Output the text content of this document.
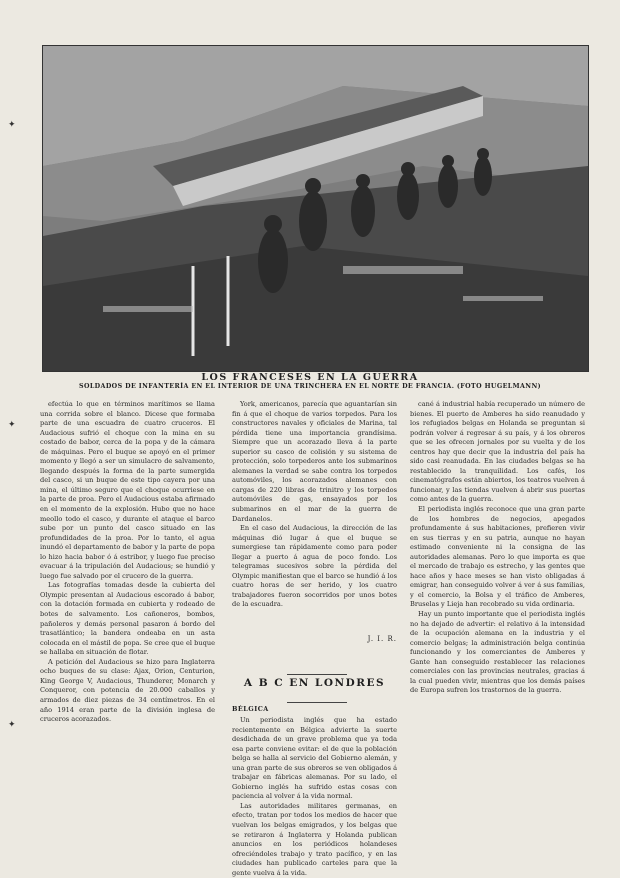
LOS FRANCESES EN LA GUERRA
SOLDADOS DE INFANTERÍA EN EL INTERIOR DE UNA TRINCHERA EN EL NORTE DE FRANCIA. (FOTO HUGELMANN)

efectúa lo que en términos marítimos se llama una corrida sobre el blanco. Dicese que formaba parte de una escuadra de cuatro cruceros. El Audacious sufrió el choque con la mina en su costado de babor, cerca de la popa y de la cámara de máquinas. Pero el buque se apoyó en el primer momento y llegó a ser un simulacro de salvamento, llegando después la forma de la parte sumergida del casco, si un buque de este tipo cayera por una mina, el último seguro que el choque ocurriese en la parte de proa. Pero el Audacious estaba afirmado en el momento de la explosión. Hubo que no hace meollo todo el casco, y durante el ataque el barco sube por un punto del casco situado en las profundidades de la proa. Por lo tanto, el agua inundó el departamento de babor y la parte de popa lo hizo hacia babor ó á estribor, y luego fue preciso evacuar á la tripulación del Audacious; se hundió y luego fue salvado por el crucero de la guerra.

Las fotografías tomadas desde la cubierta del Olympic presentan al Audacious escorado á babor, con la dotación formada en cubierta y rodeado de botes de salvamento. Los cañoneros, bombos, pañoleros y demás personal pasaron á bordo del trasatlántico; la bandera ondeaba en un asta colocada en el mástil de popa. Se cree que el buque se hallaba en situación de flotar.

A petición del Audacious se hizo para Inglaterra ocho buques de su clase: Ajax, Orion, Centurion, King George V, Audacious, Thunderer, Monarch y Conqueror, con potencia de 20.000 caballos y armados de diez piezas de 34 centímetros. En el año 1914 eran parte de la división inglesa de cruceros acorazados.

York, americanos, parecía que aguantarían sin fin á que el choque de varios torpedos. Para los constructores navales y oficiales de Marina, tal pérdida tiene una importancia grandísima. Siempre que un acorazado lleva á la parte superior su casco de colisión y su sistema de protección, solo torpederos ante los submarinos alemanes la verdad se sabe contra los torpedos automóviles, los acorazados alemanes con cargas de 220 libras de trinitro y los torpedos automóviles de gas, ensayados por los submarinos en el mar de la guerra de Dardanelos.

En el caso del Audacious, la dirección de las máquinas dió lugar á que el buque se sumergiese tan rápidamente como para poder llegar a puerto á agua de poco fondo. Los telegramas sucesivos sobre la pérdida del Olympic manifiestan que el barco se hundió á los cuatro horas de ser herido, y los cuatro trabajadores fueron socorridos por unos botes de la escuadra.

J. I. R.
A B C EN LONDRES
BÉLGICA

Un periodista inglés que ha estado recientemente en Bélgica advierte la suerte desdichada de un grave problema que ya toda esa parte conviene evitar: el de que la población belga se halla al servicio del Gobierno alemán, y una gran parte de sus obreros se ven obligados á trabajar en fábricas alemanas. Por su lado, el Gobierno inglés ha sufrido estas cosas con paciencia al volver á la vida normal.

Las autoridades militares germanas, en efecto, tratan por todos los medios de hacer que vuelvan los belgas emigrados, y los belgas que se retiraron á Inglaterra y Holanda publican anuncios en los periódicos holandeses ofreciéndoles trabajo y trato pacífico, y en las ciudades han publicado carteles para que la gente vuelva á la vida.

cané á industrial había recuperado un número de bienes. El puerto de Amberes ha sido reanudado y los refugiados belgas en Holanda se preguntan si podrán volver á regresar á su país, y á los obreros que se les ofrecen jornales por su vuelta y de los centros hay que decir que la industria del país ha sido casi reanudada. En las ciudades belgas se ha restablecido la tranquilidad. Los cafés, los cinematógrafos están abiertos, los teatros vuelven á funcionar, y las tiendas vuelven á abrir sus puertas como antes de la guerra.

El periodista inglés reconoce que una gran parte de los hombres de negocios, apegados profundamente á sus habitaciones, prefieren vivir en sus tierras y en su patria, aunque no hayan estimado conveniente ni la consigna de las autoridades alemanas. Pero lo que importa es que el mercado de trabajo es estrecho, y las gentes que hace años y hace meses se han visto obligadas á emigrar, han conseguido volver á ver á sus familias, y el comercio, la Bolsa y el tráfico de Amberes, Bruselas y Lieja han recobrado su vida ordinaria.

Hay un punto importante que el periodista inglés no ha dejado de advertir: el relativo á la intensidad de la ocupación alemana en la industria y el comercio belgas; la administración belga continúa funcionando y los comerciantes de Amberes y Gante han conseguido restablecer las relaciones comerciales con las provincias neutrales, gracias á la cual pueden vivir, mientras que los demás países de Europa sufren los trastornos de la guerra.

✦
✦
✦
